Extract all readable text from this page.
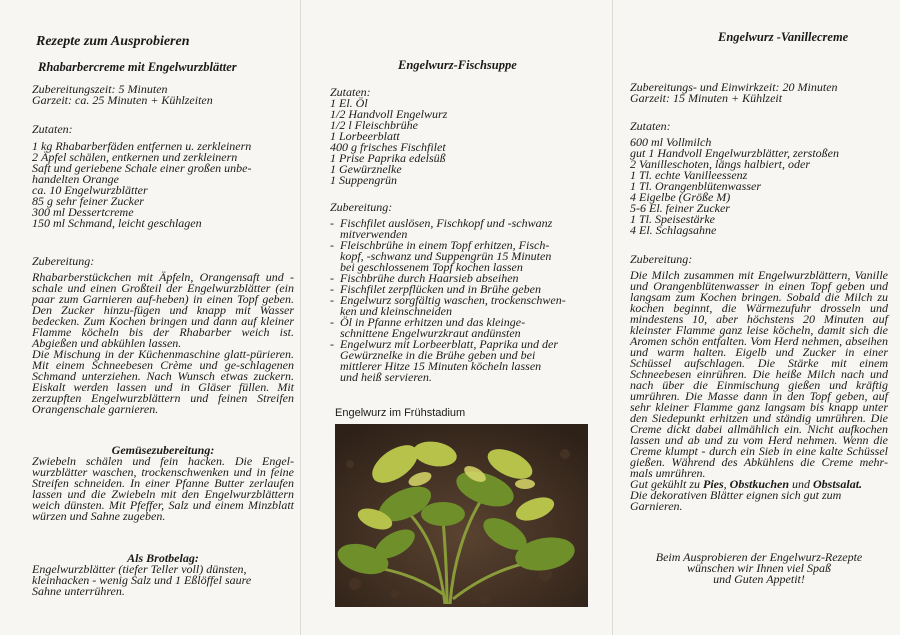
Rezepte zum Ausprobieren
Rhabarbercreme mit Engelwurzblätter

Zubereitungszeit: 5 Minuten

Garzeit: ca. 25 Minuten + Kühlzeiten

Zutaten:

1 kg Rhabarberfäden entfernen u. zerkleinern

2 Äpfel schälen, entkernen und zerkleinern

Saft und geriebene Schale einer großen unbe-

handelten Orange

ca. 10 Engelwurzblätter

85 g sehr feiner Zucker

300 ml Dessertcreme

150 ml Schmand, leicht geschlagen

Zubereitung:

Rhabarberstückchen mit Äpfeln, Orangensaft und -schale und einen Großteil der Engelwurzblätter (ein paar zum Garnieren auf-heben) in einen Topf geben. Den Zucker hinzu-fügen und knapp mit Wasser bedecken. Zum Kochen bringen und dann auf kleiner Flamme köcheln bis der Rhabarber weich ist. Abgießen und abkühlen lassen.

Die Mischung in der Küchenmaschine glatt-pürieren. Mit einem Schneebesen Crème und ge-schlagenen Schmand unterziehen. Nach Wunsch etwas zuckern. Eiskalt werden lassen und in Gläser füllen. Mit zerzupften Engelwurzblättern und feinen Streifen Orangenschale garnieren.

Gemüsezubereitung:

Zwiebeln schälen und fein hacken. Die Engel-wurzblätter waschen, trockenschwenken und in feine Streifen schneiden. In einer Pfanne Butter zerlaufen lassen und die Zwiebeln mit den Engelwurzblättern weich dünsten. Mit Pfeffer, Salz und einem Minzblatt würzen und Sahne zugeben.

Als Brotbelag:

Engelwurzblätter (tiefer Teller voll) dünsten,

kleinhacken - wenig Salz und 1 Eßlöffel saure

Sahne unterrühren.

Engelwurz-Fischsuppe

Zutaten:

1 El. Öl

1/2 Handvoll Engelwurz

1/2 l Fleischbrühe

1 Lorbeerblatt

400 g frisches Fischfilet

1 Prise Paprika edelsüß

1 Gewürznelke

1 Suppengrün

Zubereitung:

- Fischfilet auslösen, Fischkopf und -schwanz
mitverwenden
- Fleischbrühe in einem Topf erhitzen, Fisch-
kopf, -schwanz und Suppengrün 15 Minuten
bei geschlossenem Topf kochen lassen
- Fischbrühe durch Haarsieb abseihen
- Fischfilet zerpflücken und in Brühe geben
- Engelwurz sorgfältig waschen, trockenschwen-
ken und kleinschneiden
- Öl in Pfanne erhitzen und das kleinge-
schnittene Engelwurzkraut andünsten
- Engelwurz mit Lorbeerblatt, Paprika und der
Gewürznelke in die Brühe geben und bei
mittlerer Hitze 15 Minuten köcheln lassen
und heiß servieren.
Engelwurz im Frühstadium
Engelwurz -Vanillecreme

Zubereitungs- und Einwirkzeit: 20 Minuten

Garzeit: 15 Minuten + Kühlzeit

Zutaten:

600 ml Vollmilch

gut 1 Handvoll Engelwurzblätter, zerstoßen

2 Vanilleschoten, längs halbiert, oder

1 Tl. echte Vanilleessenz

1 Tl. Orangenblütenwasser

4 Eigelbe (Größe M)

5-6 El. feiner Zucker

1 Tl. Speisestärke

4 El. Schlagsahne

Zubereitung:

Die Milch zusammen mit Engelwurzblättern, Vanille und Orangenblütenwasser in einen Topf geben und langsam zum Kochen bringen. Sobald die Milch zu kochen beginnt, die Wärmezufuhr drosseln und mindestens 10, aber höchstens 20 Minuten auf kleinster Flamme ganz leise köcheln, damit sich die Aromen schön entfalten. Vom Herd nehmen, abseihen und warm halten. Eigelb und Zucker in einer Schüssel aufschlagen. Die Stärke mit einem Schneebesen einrühren. Die heiße Milch nach und nach über die Einmischung gießen und kräftig umrühren. Die Masse dann in den Topf geben, auf sehr kleiner Flamme ganz langsam bis knapp unter den Siedepunkt erhitzen und ständig umrühren. Die Creme dickt dabei allmählich ein. Nicht aufkochen lassen und ab und zu vom Herd nehmen. Wenn die Creme klumpt - durch ein Sieb in eine kalte Schüssel gießen. Während des Abkühlens die Creme mehr-mals umrühren.

Gut gekühlt zu Pies, Obstkuchen und Obstsalat.

Die dekorativen Blätter eignen sich gut zum

Garnieren.

Beim Ausprobieren der Engelwurz-Rezepte

wünschen wir Ihnen viel Spaß

und Guten Appetit!
